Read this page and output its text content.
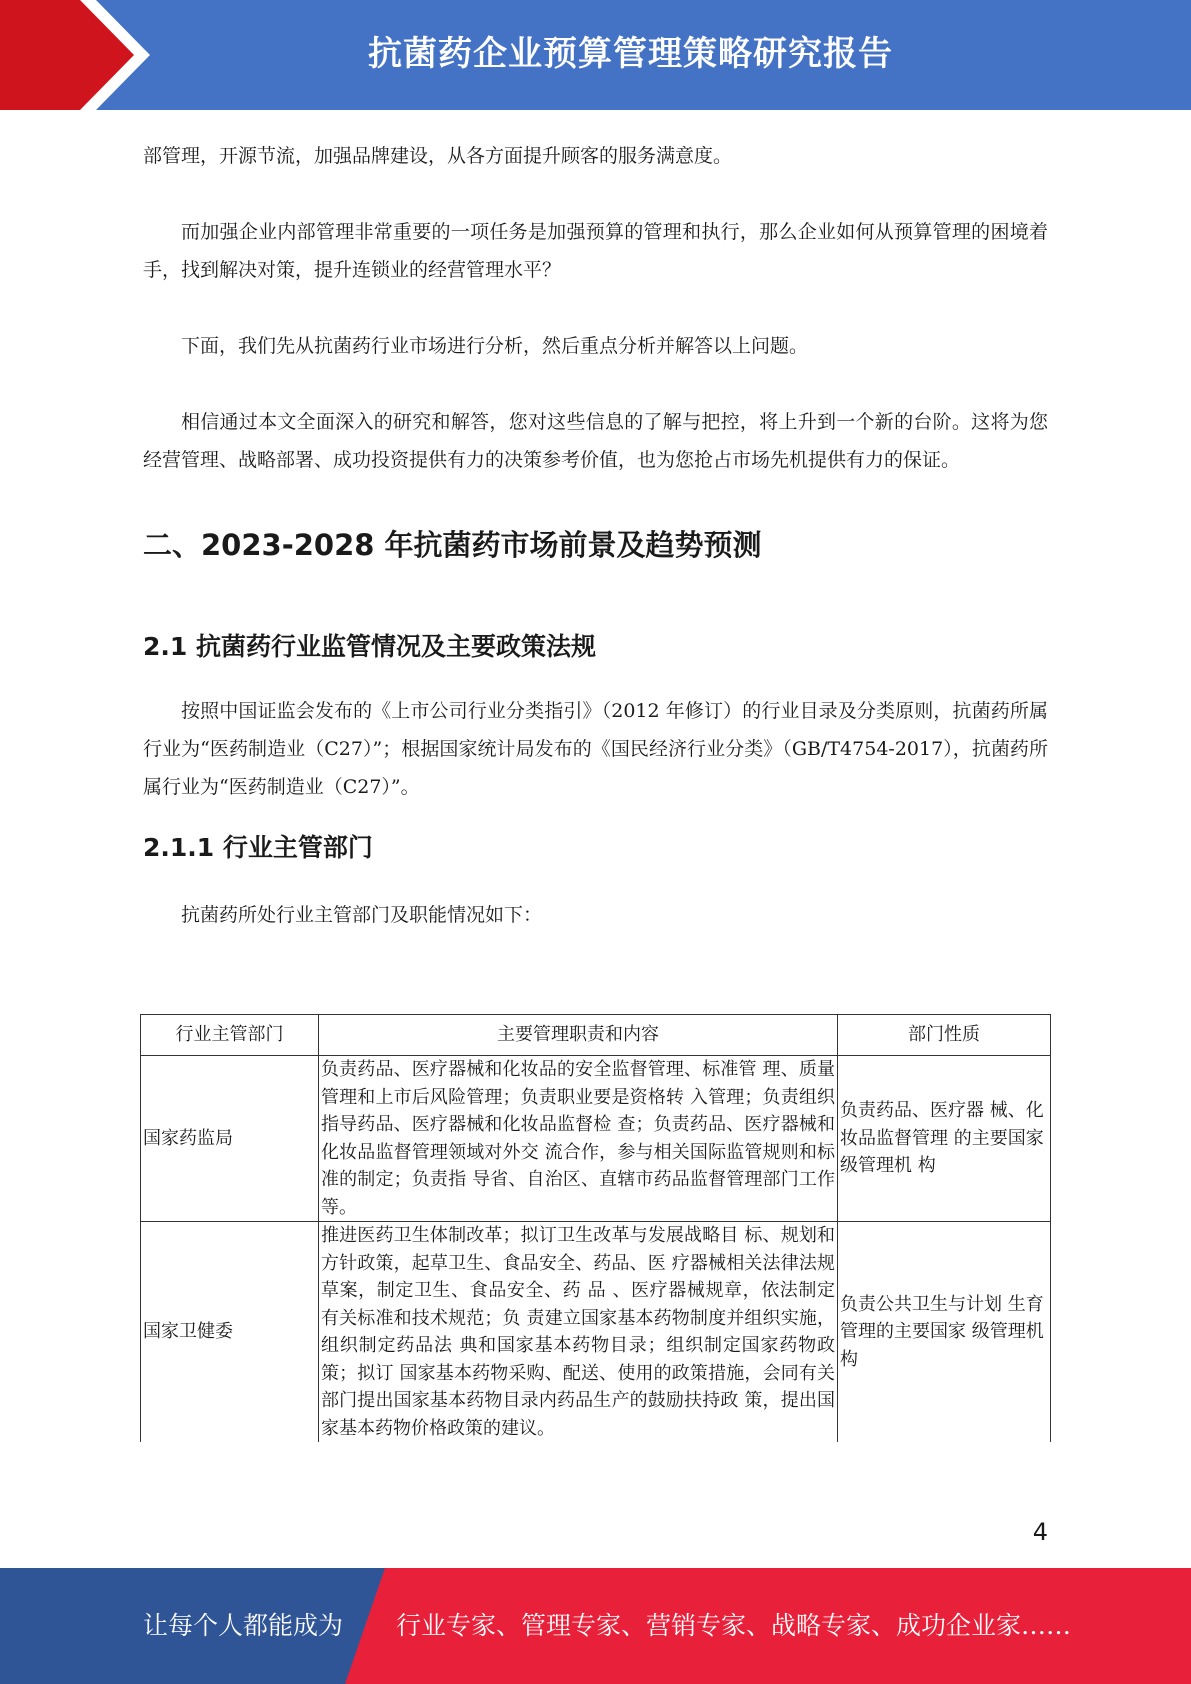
抗菌药企业预算管理策略研究报告

部管理，开源节流，加强品牌建设，从各方面提升顾客的服务满意度。

而加强企业内部管理非常重要的一项任务是加强预算的管理和执行，那么企业如何从预算管理的困境着手，找到解决对策，提升连锁业的经营管理水平？

下面，我们先从抗菌药行业市场进行分析，然后重点分析并解答以上问题。

相信通过本文全面深入的研究和解答，您对这些信息的了解与把控，将上升到一个新的台阶。这将为您经营管理、战略部署、成功投资提供有力的决策参考价值，也为您抢占市场先机提供有力的保证。

二、2023-2028 年抗菌药市场前景及趋势预测
2.1 抗菌药行业监管情况及主要政策法规

按照中国证监会发布的《上市公司行业分类指引》（2012 年修订）的行业目录及分类原则，抗菌药所属行业为“医药制造业（C27）”；根据国家统计局发布的《国民经济行业分类》（GB/T4754-2017），抗菌药所属行业为“医药制造业（C27）”。

2.1.1 行业主管部门

抗菌药所处行业主管部门及职能情况如下：

行业主管部门	主要管理职责和内容	部门性质
国家药监局	负责药品、医疗器械和化妆品的安全监督管理、标准管 理、质量管理和上市后风险管理；负责职业要是资格转 入管理；负责组织指导药品、医疗器械和化妆品监督检 查；负责药品、医疗器械和化妆品监督管理领域对外交 流合作，参与相关国际监管规则和标准的制定；负责指 导省、自治区、直辖市药品监督管理部门工作等。	负责药品、医疗器 械、化妆品监督管理 的主要国家级管理机 构
国家卫健委	推进医药卫生体制改革；拟订卫生改革与发展战略目 标、规划和方针政策，起草卫生、食品安全、药品、医 疗器械相关法律法规草案，制定卫生、食品安全、药 品 、医疗器械规章，依法制定有关标准和技术规范；负 责建立国家基本药物制度并组织实施，组织制定药品法 典和国家基本药物目录；组织制定国家药物政策；拟订 国家基本药物采购、配送、使用的政策措施，会同有关 部门提出国家基本药物目录内药品生产的鼓励扶持政 策，提出国家基本药物价格政策的建议。	负责公共卫生与计划 生育管理的主要国家 级管理机构
4
让每个人都能成为 行业专家、管理专家、营销专家、战略专家、成功企业家……
